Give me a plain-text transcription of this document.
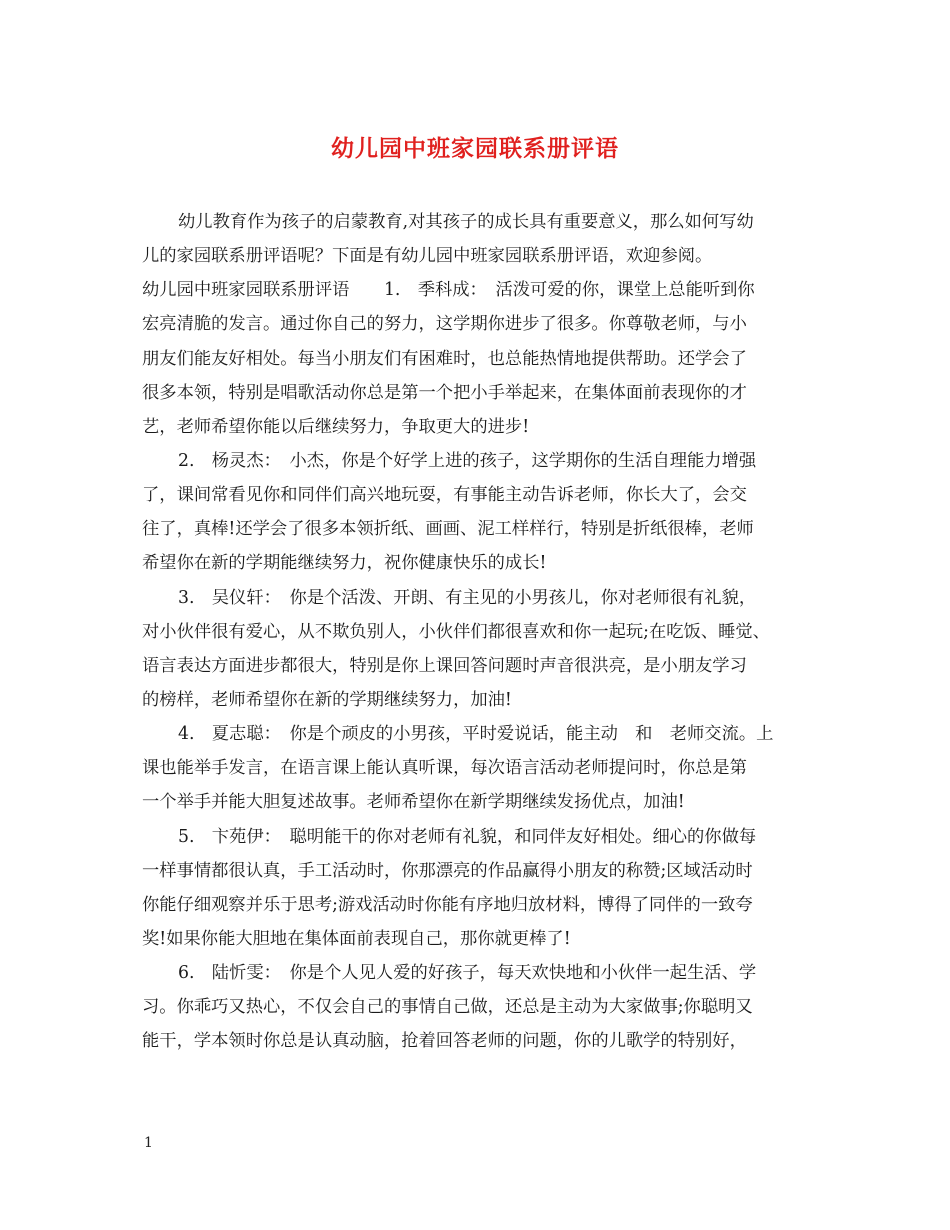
幼儿园中班家园联系册评语
幼儿教育作为孩子的启蒙教育,对其孩子的成长具有重要意义，那么如何写幼
儿的家园联系册评语呢？下面是有幼儿园中班家园联系册评语，欢迎参阅。
幼儿园中班家园联系册评语　　1.　季科成：　活泼可爱的你，课堂上总能听到你
宏亮清脆的发言。通过你自己的努力，这学期你进步了很多。你尊敬老师，与小
朋友们能友好相处。每当小朋友们有困难时，也总能热情地提供帮助。还学会了
很多本领，特别是唱歌活动你总是第一个把小手举起来，在集体面前表现你的才
艺，老师希望你能以后继续努力，争取更大的进步!
2.　杨灵杰：　小杰，你是个好学上进的孩子，这学期你的生活自理能力增强
了，课间常看见你和同伴们高兴地玩耍，有事能主动告诉老师，你长大了，会交
往了，真棒!还学会了很多本领折纸、画画、泥工样样行，特别是折纸很棒，老师
希望你在新的学期能继续努力，祝你健康快乐的成长!
3.　吴仪轩：　你是个活泼、开朗、有主见的小男孩儿，你对老师很有礼貌，
对小伙伴很有爱心，从不欺负别人，小伙伴们都很喜欢和你一起玩;在吃饭、睡觉、
语言表达方面进步都很大，特别是你上课回答问题时声音很洪亮，是小朋友学习
的榜样，老师希望你在新的学期继续努力，加油!
4.　夏志聪：　你是个顽皮的小男孩，平时爱说话，能主动　和　老师交流。上
课也能举手发言，在语言课上能认真听课，每次语言活动老师提问时，你总是第
一个举手并能大胆复述故事。老师希望你在新学期继续发扬优点，加油!
5.　卞苑伊：　聪明能干的你对老师有礼貌，和同伴友好相处。细心的你做每
一样事情都很认真，手工活动时，你那漂亮的作品赢得小朋友的称赞;区域活动时
你能仔细观察并乐于思考;游戏活动时你能有序地归放材料，博得了同伴的一致夸
奖!如果你能大胆地在集体面前表现自己，那你就更棒了!
6.　陆忻雯：　你是个人见人爱的好孩子，每天欢快地和小伙伴一起生活、学
习。你乖巧又热心，不仅会自己的事情自己做，还总是主动为大家做事;你聪明又
能干，学本领时你总是认真动脑，抢着回答老师的问题，你的儿歌学的特别好，
1
